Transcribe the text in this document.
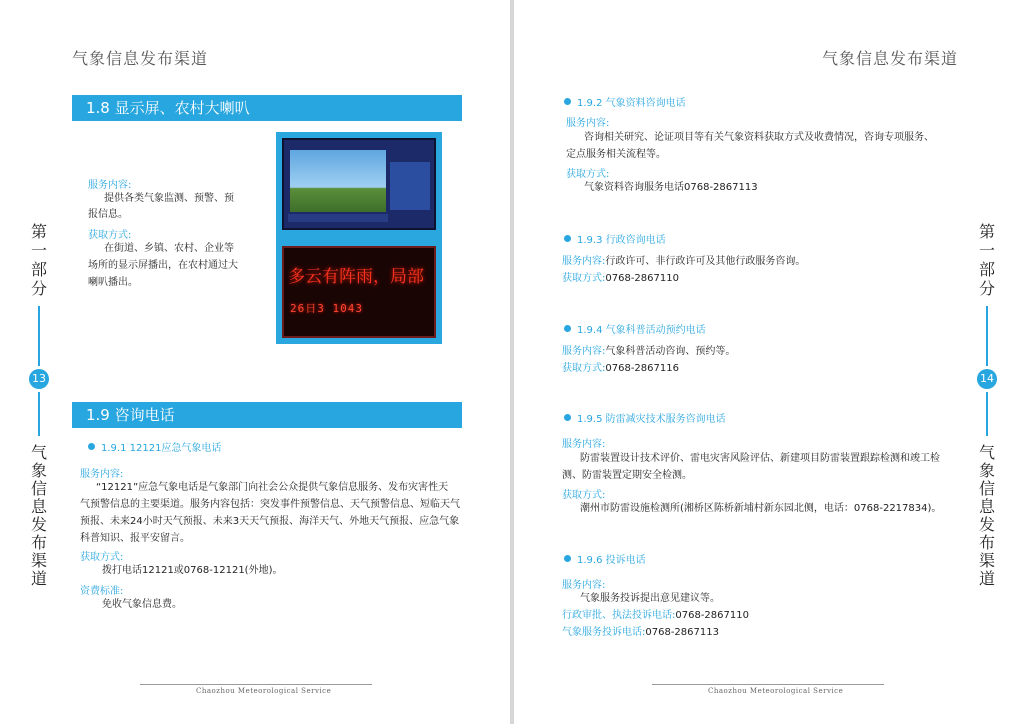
气象信息发布渠道
第一部分
13
气象信息发布渠道
1.8 显示屏、农村大喇叭
服务内容:
提供各类气象监测、预警、预
报信息。
获取方式:
在街道、乡镇、农村、企业等
场所的显示屏播出，在农村通过大
喇叭播出。	多云有阵雨，局部
26日3 1043
1.9 咨询电话
1.9.1 12121应急气象电话
服务内容:
“12121”应急气象电话是气象部门向社会公众提供气象信息服务、发布灾害性天
气预警信息的主要渠道。服务内容包括：突发事件预警信息、天气预警信息、短临天气
预报、未来24小时天气预报、未来3天天气预报、海洋天气、外地天气预报、应急气象
科普知识、报平安留言。
获取方式:
拨打电话12121或0768-12121(外地)。
资费标准:
免收气象信息费。
Chaozhou Meteorological Service
气象信息发布渠道
第一部分
14
气象信息发布渠道
1.9.2 气象资料咨询电话
服务内容:
咨询相关研究、论证项目等有关气象资料获取方式及收费情况，咨询专项服务、
定点服务相关流程等。
获取方式:
气象资料咨询服务电话0768-2867113
1.9.3 行政咨询电话
服务内容:行政许可、非行政许可及其他行政服务咨询。
获取方式:0768-2867110
1.9.4 气象科普活动预约电话
服务内容:气象科普活动咨询、预约等。
获取方式:0768-2867116
1.9.5 防雷减灾技术服务咨询电话
服务内容:
防雷装置设计技术评价、雷电灾害风险评估、新建项目防雷装置跟踪检测和竣工检
测、防雷装置定期安全检测。
获取方式:
潮州市防雷设施检测所(湘桥区陈桥新埔村新东园北侧，电话：0768-2217834)。
1.9.6 投诉电话
服务内容:
气象服务投诉提出意见建议等。
行政审批、执法投诉电话:0768-2867110
气象服务投诉电话:0768-2867113
Chaozhou Meteorological Service
